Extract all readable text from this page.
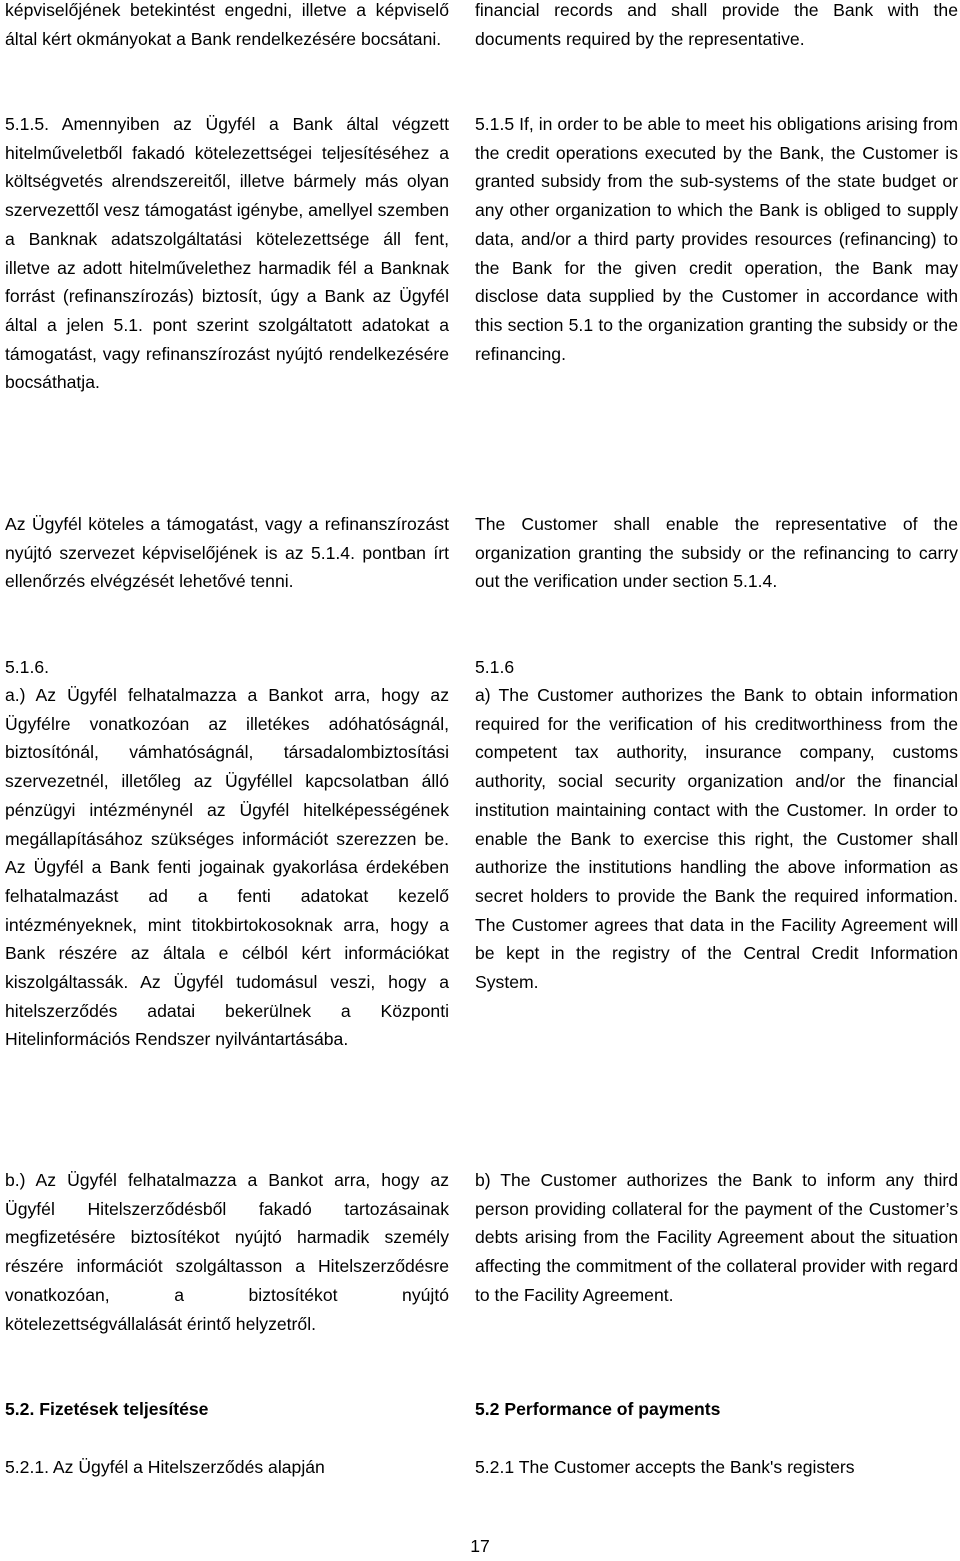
képviselőjének betekintést engedni, illetve a képviselő által kért okmányokat a Bank rendelkezésére bocsátani.

5.1.5. Amennyiben az Ügyfél a Bank által végzett hitelműveletből fakadó kötelezettségei teljesítéséhez a költségvetés alrendszereitől, illetve bármely más olyan szervezettől vesz támogatást igénybe, amellyel szemben a Banknak adatszolgáltatási kötelezettsége áll fent, illetve az adott hitelművelethez harmadik fél a Banknak forrást (refinanszírozás) biztosít, úgy a Bank az Ügyfél által a jelen 5.1. pont szerint szolgáltatott adatokat a támogatást, vagy refinanszírozást nyújtó rendelkezésére bocsáthatja.

Az Ügyfél köteles a támogatást, vagy a refinanszírozást nyújtó szervezet képviselőjének is az 5.1.4. pontban írt ellenőrzés elvégzését lehetővé tenni.

5.1.6.

a.) Az Ügyfél felhatalmazza a Bankot arra, hogy az Ügyfélre vonatkozóan az illetékes adóhatóságnál, biztosítónál, vámhatóságnál, társadalombiztosítási szervezetnél, illetőleg az Ügyféllel kapcsolatban álló pénzügyi intézménynél az Ügyfél hitelképességének megállapításához szükséges információt szerezzen be. Az Ügyfél a Bank fenti jogainak gyakorlása érdekében felhatalmazást ad a fenti adatokat kezelő intézményeknek, mint titokbirtokosoknak arra, hogy a Bank részére az általa e célból kért információkat kiszolgáltassák. Az Ügyfél tudomásul veszi, hogy a hitelszerződés adatai bekerülnek a Központi Hitelinformációs Rendszer nyilvántartásába.

b.) Az Ügyfél felhatalmazza a Bankot arra, hogy az Ügyfél Hitelszerződésből fakadó tartozásainak megfizetésére biztosítékot nyújtó harmadik személy részére információt szolgáltasson a Hitelszerződésre vonatkozóan, a biztosítékot nyújtó kötelezettségvállalását érintő helyzetről.

5.2. Fizetések teljesítése

5.2.1. Az Ügyfél a Hitelszerződés alapján

financial records and shall provide the Bank with the documents required by the representative.

5.1.5 If, in order to be able to meet his obligations arising from the credit operations executed by the Bank, the Customer is granted subsidy from the sub-systems of the state budget or any other organization to which the Bank is obliged to supply data, and/or a third party provides resources (refinancing) to the Bank for the given credit operation, the Bank may disclose data supplied by the Customer in accordance with this section 5.1 to the organization granting the subsidy or the refinancing.

The Customer shall enable the representative of the organization granting the subsidy or the refinancing to carry out the verification under section 5.1.4.

5.1.6

a) The Customer authorizes the Bank to obtain information required for the verification of his creditworthiness from the competent tax authority, insurance company, customs authority, social security organization and/or the financial institution maintaining contact with the Customer. In order to enable the Bank to exercise this right, the Customer shall authorize the institutions handling the above information as secret holders to provide the Bank the required information. The Customer agrees that data in the Facility Agreement will be kept in the registry of the Central Credit Information System.

b) The Customer authorizes the Bank to inform any third person providing collateral for the payment of the Customer’s debts arising from the Facility Agreement about the situation affecting the commitment of the collateral provider with regard to the Facility Agreement.

5.2 Performance of payments

5.2.1 The Customer accepts the Bank's registers

17
